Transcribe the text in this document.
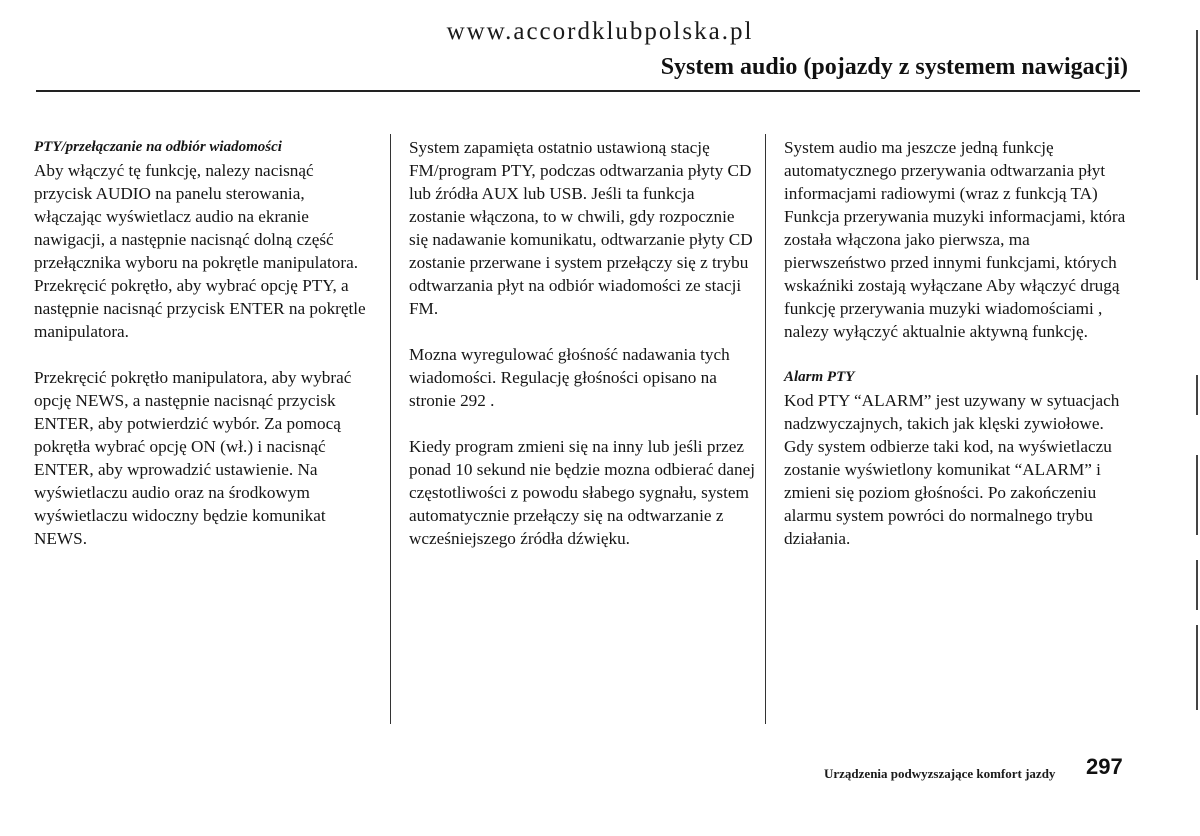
www.accordklubpolska.pl
System audio (pojazdy z systemem nawigacji)
PTY/przełączanie na odbiór wiadomości

Aby włączyć tę funkcję, nalezy nacisnąć przycisk AUDIO na panelu sterowania, włączając wyświetlacz audio na ekranie nawigacji, a następnie nacisnąć dolną część przełącznika wyboru na pokrętle manipulatora. Przekręcić pokrętło, aby wybrać opcję PTY, a następnie nacisnąć przycisk ENTER na pokrętle manipulatora.

Przekręcić pokrętło manipulatora, aby wybrać opcję NEWS, a następnie nacisnąć przycisk ENTER, aby potwierdzić wybór. Za pomocą pokrętła wybrać opcję ON (wł.) i nacisnąć ENTER, aby wprowadzić ustawienie. Na wyświetlaczu audio oraz na środkowym wyświetlaczu widoczny będzie komunikat NEWS.

System zapamięta ostatnio ustawioną stację FM/program PTY, podczas odtwarzania płyty CD lub źródła AUX lub USB. Jeśli ta funkcja zostanie włączona, to w chwili, gdy rozpocznie się nadawanie komunikatu, odtwarzanie płyty CD zostanie przerwane i system przełączy się z trybu odtwarzania płyt na odbiór wiadomości ze stacji FM.

Mozna wyregulować głośność nadawania tych wiadomości. Regulację głośności opisano na stronie 292 .

Kiedy program zmieni się na inny lub jeśli przez ponad 10 sekund nie będzie mozna odbierać danej częstotliwości z powodu słabego sygnału, system automatycznie przełączy się na odtwarzanie z wcześniejszego źródła dźwięku.

System audio ma jeszcze jedną funkcję automatycznego przerywania odtwarzania płyt informacjami radiowymi (wraz z funkcją TA) Funkcja przerywania muzyki informacjami, która została włączona jako pierwsza, ma pierwszeństwo przed innymi funkcjami, których wskaźniki zostają wyłączane Aby włączyć drugą funkcję przerywania muzyki wiadomościami , nalezy wyłączyć aktualnie aktywną funkcję.

Alarm PTY

Kod PTY “ALARM” jest uzywany w sytuacjach nadzwyczajnych, takich jak klęski zywiołowe. Gdy system odbierze taki kod, na wyświetlaczu zostanie wyświetlony komunikat “ALARM” i zmieni się poziom głośności. Po zakończeniu alarmu system powróci do normalnego trybu działania.

Urządzenia podwyzszające komfort jazdy 297
